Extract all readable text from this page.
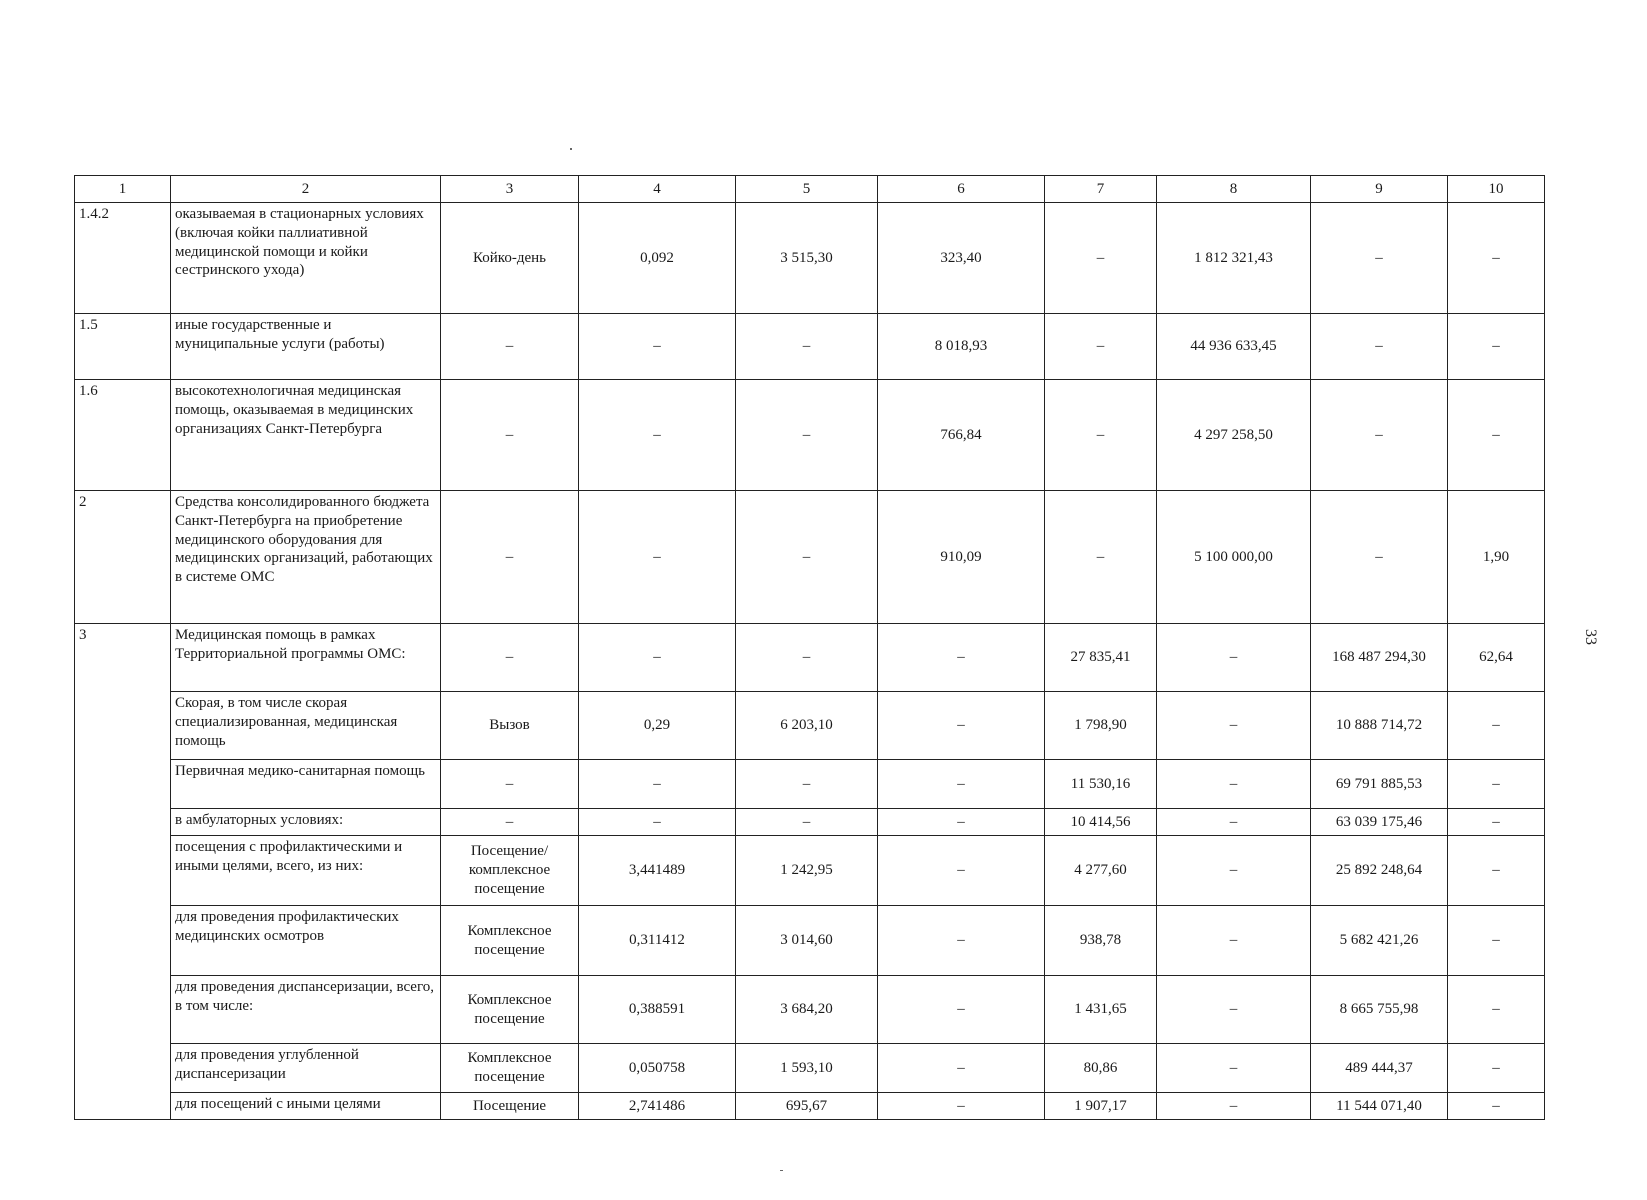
33
1	2	3	4	5	6	7	8	9	10
1.4.2	оказываемая в стационарных условиях (включая койки паллиативной медицинской помощи и койки сестринского ухода)	Койко-день	0,092	3 515,30	323,40	–	1 812 321,43	–	–
1.5	иные государственные и муниципальные услуги (работы)	–	–	–	8 018,93	–	44 936 633,45	–	–
1.6	высокотехнологичная медицинская помощь, оказываемая в медицинских организациях Санкт-Петербурга	–	–	–	766,84	–	4 297 258,50	–	–
2	Средства консолидированного бюджета Санкт-Петербурга на приобретение медицинского оборудования для медицинских организаций, работающих в системе ОМС	–	–	–	910,09	–	5 100 000,00	–	1,90
3	Медицинская помощь в рамках Территориальной программы ОМС:	–	–	–	–	27 835,41	–	168 487 294,30	62,64
	Скорая, в том числе скорая специализированная, медицинская помощь	Вызов	0,29	6 203,10	–	1 798,90	–	10 888 714,72	–
	Первичная медико-санитарная помощь	–	–	–	–	11 530,16	–	69 791 885,53	–
	в амбулаторных условиях:	–	–	–	–	10 414,56	–	63 039 175,46	–
	посещения с профилактическими и иными целями, всего, из них:	Посещение/ комплексное посещение	3,441489	1 242,95	–	4 277,60	–	25 892 248,64	–
	для проведения профилактических медицинских осмотров	Комплексное посещение	0,311412	3 014,60	–	938,78	–	5 682 421,26	–
	для проведения диспансеризации, всего, в том числе:	Комплексное посещение	0,388591	3 684,20	–	1 431,65	–	8 665 755,98	–
	для проведения углубленной диспансеризации	Комплексное посещение	0,050758	1 593,10	–	80,86	–	489 444,37	–
	для посещений с иными целями	Посещение	2,741486	695,67	–	1 907,17	–	11 544 071,40	–
